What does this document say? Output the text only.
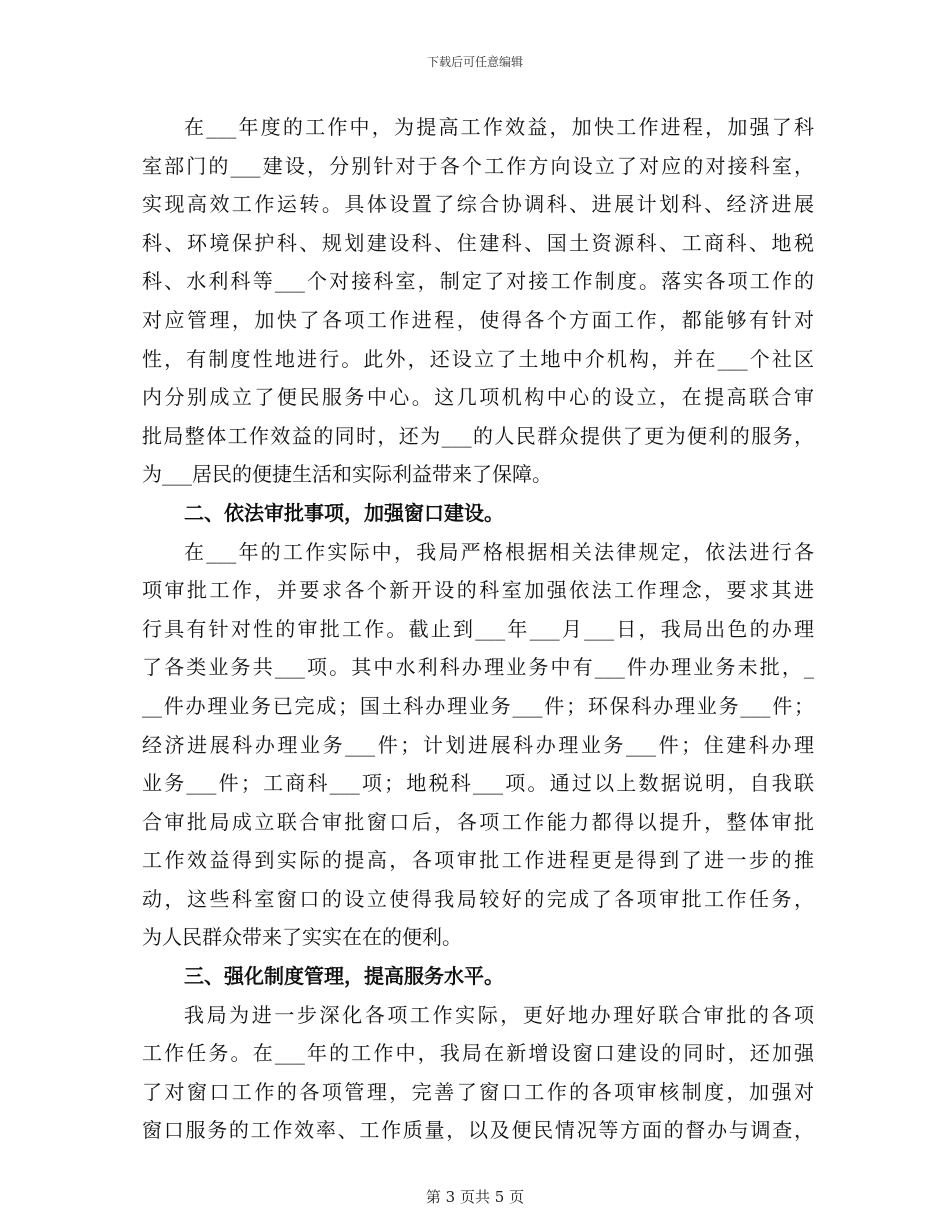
下载后可任意编辑
在___年度的工作中，为提高工作效益，加快工作进程，加强了科
室部门的___建设，分别针对于各个工作方向设立了对应的对接科室，
实现高效工作运转。具体设置了综合协调科、进展计划科、经济进展
科、环境保护科、规划建设科、住建科、国土资源科、工商科、地税
科、水利科等___个对接科室，制定了对接工作制度。落实各项工作的
对应管理，加快了各项工作进程，使得各个方面工作，都能够有针对
性，有制度性地进行。此外，还设立了土地中介机构，并在___个社区
内分别成立了便民服务中心。这几项机构中心的设立，在提高联合审
批局整体工作效益的同时，还为___的人民群众提供了更为便利的服务，
为___居民的便捷生活和实际利益带来了保障。
二、依法审批事项，加强窗口建设。
在___年的工作实际中，我局严格根据相关法律规定，依法进行各
项审批工作，并要求各个新开设的科室加强依法工作理念，要求其进
行具有针对性的审批工作。截止到___年___月___日，我局出色的办理
了各类业务共___项。其中水利科办理业务中有___件办理业务未批，_
__件办理业务已完成；国土科办理业务___件；环保科办理业务___件；
经济进展科办理业务___件；计划进展科办理业务___件；住建科办理
业务___件；工商科___项；地税科___项。通过以上数据说明，自我联
合审批局成立联合审批窗口后，各项工作能力都得以提升，整体审批
工作效益得到实际的提高，各项审批工作进程更是得到了进一步的推
动，这些科室窗口的设立使得我局较好的完成了各项审批工作任务，
为人民群众带来了实实在在的便利。
三、强化制度管理，提高服务水平。
我局为进一步深化各项工作实际，更好地办理好联合审批的各项
工作任务。在___年的工作中，我局在新增设窗口建设的同时，还加强
了对窗口工作的各项管理，完善了窗口工作的各项审核制度，加强对
窗口服务的工作效率、工作质量，以及便民情况等方面的督办与调查，
第 3 页共 5 页
